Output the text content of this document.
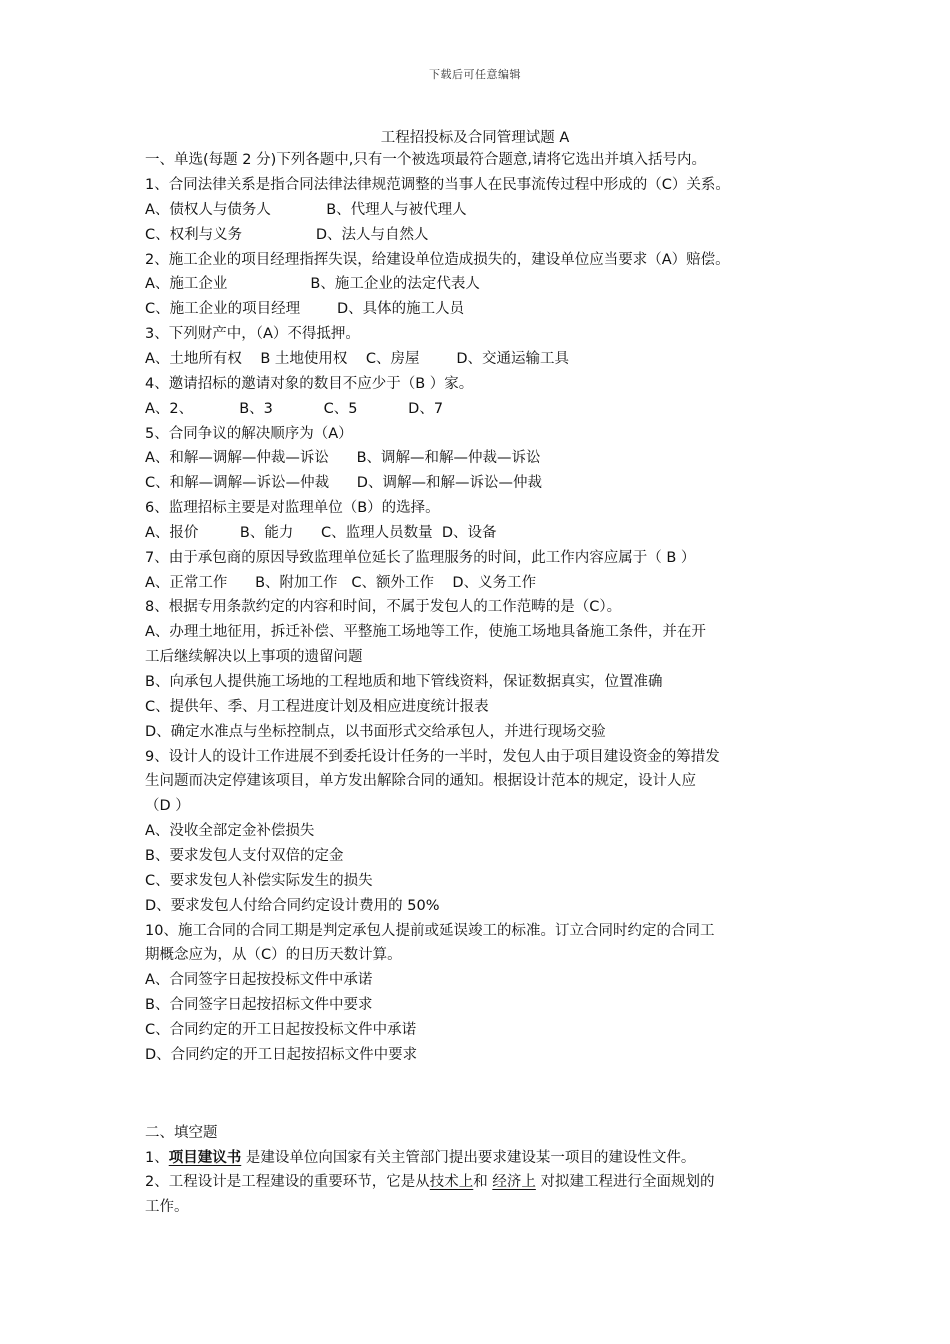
下载后可任意编辑
工程招投标及合同管理试题 A
一、单选(每题 2 分)下列各题中,只有一个被选项最符合题意,请将它选出并填入括号内。
1、合同法律关系是指合同法律法律规范调整的当事人在民事流传过程中形成的（C）关系。
A、债权人与债务人            B、代理人与被代理人
C、权利与义务                D、法人与自然人
2、施工企业的项目经理指挥失误，给建设单位造成损失的，建设单位应当要求（A）赔偿。
A、施工企业                  B、施工企业的法定代表人
C、施工企业的项目经理        D、具体的施工人员
3、下列财产中，（A）不得抵押。
A、土地所有权    B 土地使用权    C、房屋        D、交通运输工具
4、邀请招标的邀请对象的数目不应少于（B ）家。
A、2、          B、3           C、5           D、7
5、合同争议的解决顺序为（A）
A、和解—调解—仲裁—诉讼      B、调解—和解—仲裁—诉讼
C、和解—调解—诉讼—仲裁      D、调解—和解—诉讼—仲裁
6、监理招标主要是对监理单位（B）的选择。
A、报价         B、能力      C、监理人员数量  D、设备
7、由于承包商的原因导致监理单位延长了监理服务的时间，此工作内容应属于（ B ）
A、正常工作      B、附加工作   C、额外工作    D、义务工作
8、根据专用条款约定的内容和时间，不属于发包人的工作范畴的是（C）。
A、办理土地征用，拆迁补偿、平整施工场地等工作，使施工场地具备施工条件，并在开
工后继续解决以上事项的遗留问题
B、向承包人提供施工场地的工程地质和地下管线资料，保证数据真实，位置准确
C、提供年、季、月工程进度计划及相应进度统计报表
D、确定水准点与坐标控制点，以书面形式交给承包人，并进行现场交验
9、设计人的设计工作进展不到委托设计任务的一半时，发包人由于项目建设资金的筹措发
生问题而决定停建该项目，单方发出解除合同的通知。根据设计范本的规定，设计人应
（D ）
A、没收全部定金补偿损失
B、要求发包人支付双倍的定金
C、要求发包人补偿实际发生的损失
D、要求发包人付给合同约定设计费用的 50%
10、施工合同的合同工期是判定承包人提前或延误竣工的标准。订立合同时约定的合同工
期概念应为，从（C）的日历天数计算。
A、合同签字日起按投标文件中承诺
B、合同签字日起按招标文件中要求
C、合同约定的开工日起按投标文件中承诺
D、合同约定的开工日起按招标文件中要求
二、填空题
1、项目建议书 是建设单位向国家有关主管部门提出要求建设某一项目的建设性文件。
2、工程设计是工程建设的重要环节，它是从技术上和 经济上 对拟建工程进行全面规划的
工作。
